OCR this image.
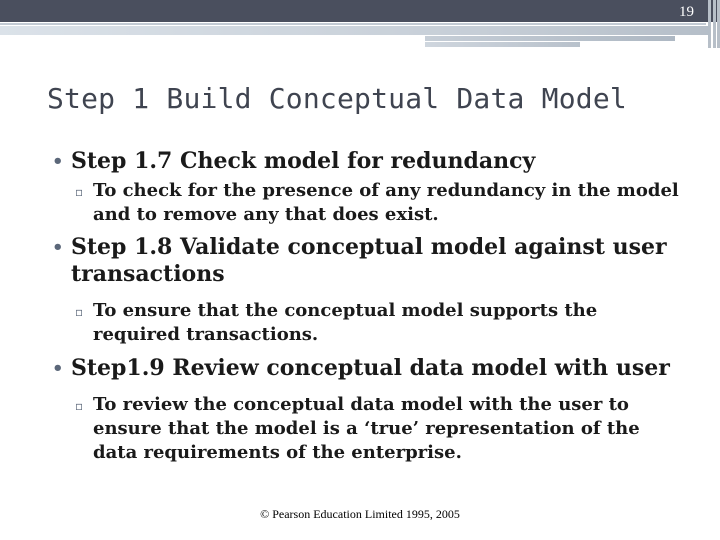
19
Step 1 Build Conceptual Data Model
• Step 1.7 Check model for redundancy
▫ To check for the presence of any redundancy in the model and to remove any that does exist.
• Step 1.8 Validate conceptual model against user transactions
▫ To ensure that the conceptual model supports the required transactions.
• Step1.9 Review conceptual data model with user
▫ To review the conceptual data model with the user to ensure that the model is a ‘true’ representation of the data requirements of the enterprise.
© Pearson Education Limited 1995, 2005
